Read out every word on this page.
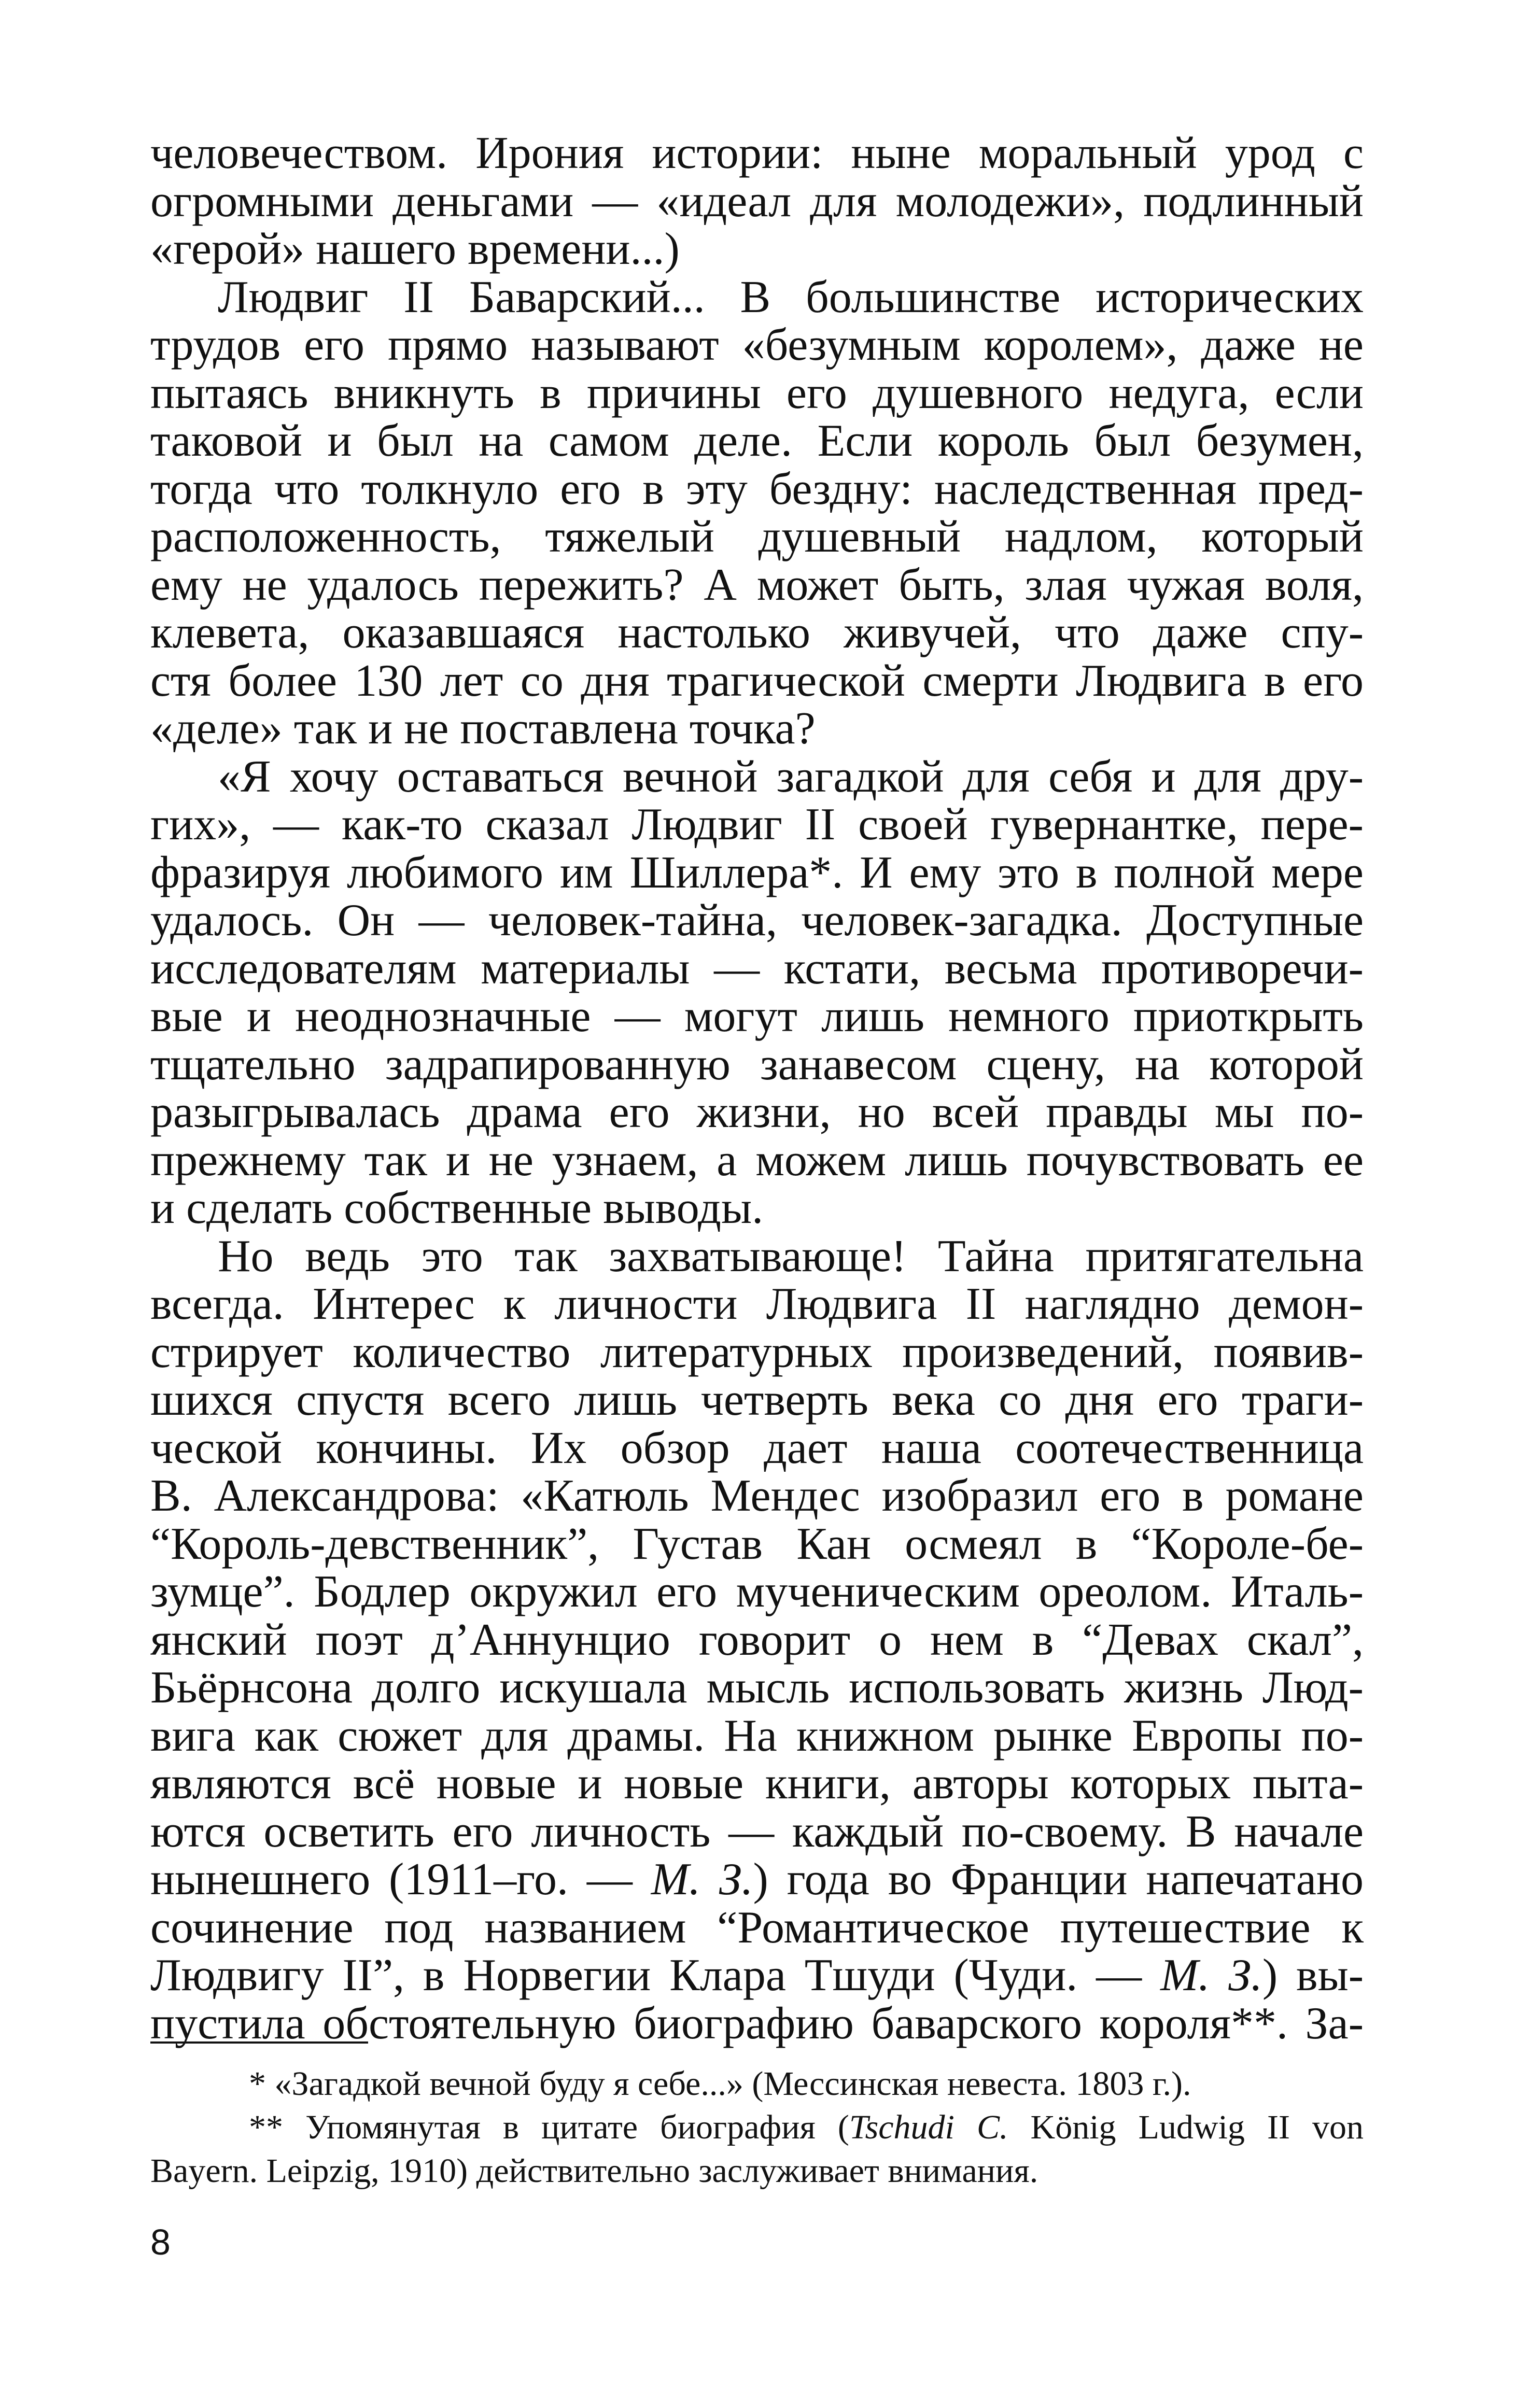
человечеством. Ирония истории: ныне моральный урод с
огромными деньгами — «идеал для молодежи», подлинный
«герой» нашего времени...)
Людвиг II Баварский... В большинстве исторических
трудов его прямо называют «безумным королем», даже не
пытаясь вникнуть в причины его душевного недуга, если
таковой и был на самом деле. Если король был безумен,
тогда что толкнуло его в эту бездну: наследственная пред-
расположенность, тяжелый душевный надлом, который
ему не удалось пережить? А может быть, злая чужая воля,
клевета, оказавшаяся настолько живучей, что даже спу-
стя более 130 лет со дня трагической смерти Людвига в его
«деле» так и не поставлена точка?
«Я хочу оставаться вечной загадкой для себя и для дру-
гих», — как-то сказал Людвиг II своей гувернантке, пере-
фразируя любимого им Шиллера*. И ему это в полной мере
удалось. Он — человек-тайна, человек-загадка. Доступные
исследователям материалы — кстати, весьма противоречи-
вые и неоднозначные — могут лишь немного приоткрыть
тщательно задрапированную занавесом сцену, на которой
разыгрывалась драма его жизни, но всей правды мы по-
прежнему так и не узнаем, а можем лишь почувствовать ее
и сделать собственные выводы.
Но ведь это так захватывающе! Тайна притягательна
всегда. Интерес к личности Людвига II наглядно демон-
стрирует количество литературных произведений, появив-
шихся спустя всего лишь четверть века со дня его траги-
ческой кончины. Их обзор дает наша соотечественница
В. Александрова: «Катюль Мендес изобразил его в романе
“Король-девственник”, Густав Кан осмеял в “Короле-бе-
зумце”. Бодлер окружил его мученическим ореолом. Италь-
янский поэт д’Аннунцио говорит о нем в “Девах скал”,
Бьёрнсона долго искушала мысль использовать жизнь Люд-
вига как сюжет для драмы. На книжном рынке Европы по-
являются всё новые и новые книги, авторы которых пыта-
ются осветить его личность — каждый по-своему. В начале
нынешнего (1911–го. — М. З.) года во Франции напечатано
сочинение под названием “Романтическое путешествие к
Людвигу II”, в Норвегии Клара Тшуди (Чуди. — М. З.) вы-
пустила обстоятельную биографию баварского короля**. За-
* «Загадкой вечной буду я себе...» (Мессинская невеста. 1803 г.).
** Упомянутая в цитате биография (Tschudi C. König Ludwig II von
Bayern. Leipzig, 1910) действительно заслуживает внимания.
8
